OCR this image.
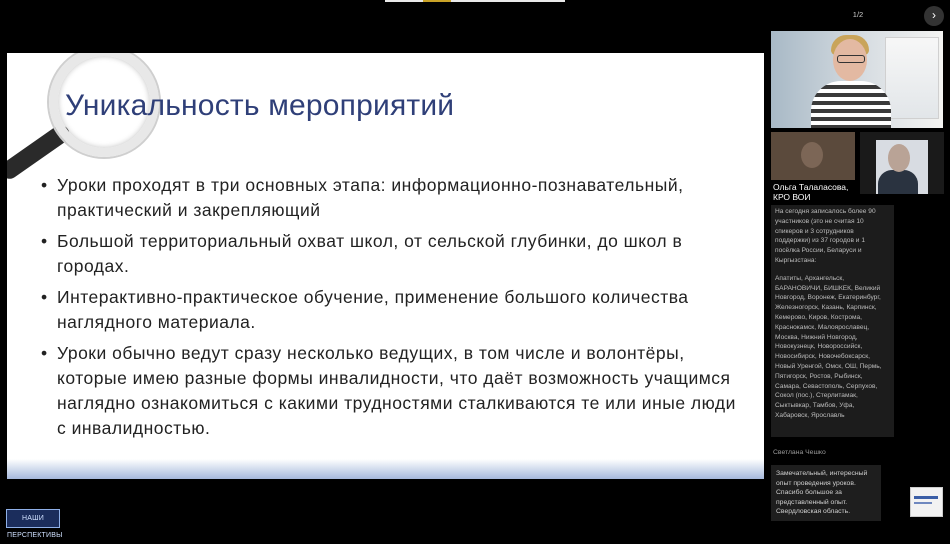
Уникальность мероприятий
• Уроки проходят в три основных этапа: информационно-познавательный, практический и закрепляющий
• Большой территориальный охват школ, от сельской глубинки, до школ в городах.
• Интерактивно-практическое обучение, применение большого количества наглядного материала.
• Уроки обычно ведут сразу несколько ведущих, в том числе и волонтёры, которые имею разные формы инвалидности, что даёт возможность учащимся наглядно ознакомиться с какими трудностями сталкиваются те или иные люди с инвалидностью.
НАШИ ПЕРСПЕКТИВЫ
1/2	›
Ольга Талаласова, КРО ВОИ

На сегодня записалось более 90 участников (это не считая 10 спикеров и 3 сотрудников поддержки) из 37 городов и 1 посёлка России, Беларуси и Кыргызстана:

Апатиты, Архангельск, БАРАНОВИЧИ, БИШКЕК, Великий Новгород, Воронеж, Екатеринбург, Железногорск, Казань, Карпинск, Кемерово, Киров, Кострома, Краснокамск, Малоярославец, Москва, Нижний Новгород, Новокузнецк, Новороссийск, Новосибирск, Новочебоксарск, Новый Уренгой, Омск, ОШ, Пермь, Пятигорск, Ростов, Рыбинск, Самара, Севастополь, Серпухов, Сокол (пос.), Стерлитамак, Сыктывкар, Тамбов, Уфа, Хабаровск, Ярославль

Светлана Чешко
Замечательный, интересный опыт проведения уроков. Спасибо большое за представленный опыт. Свердловская область.
